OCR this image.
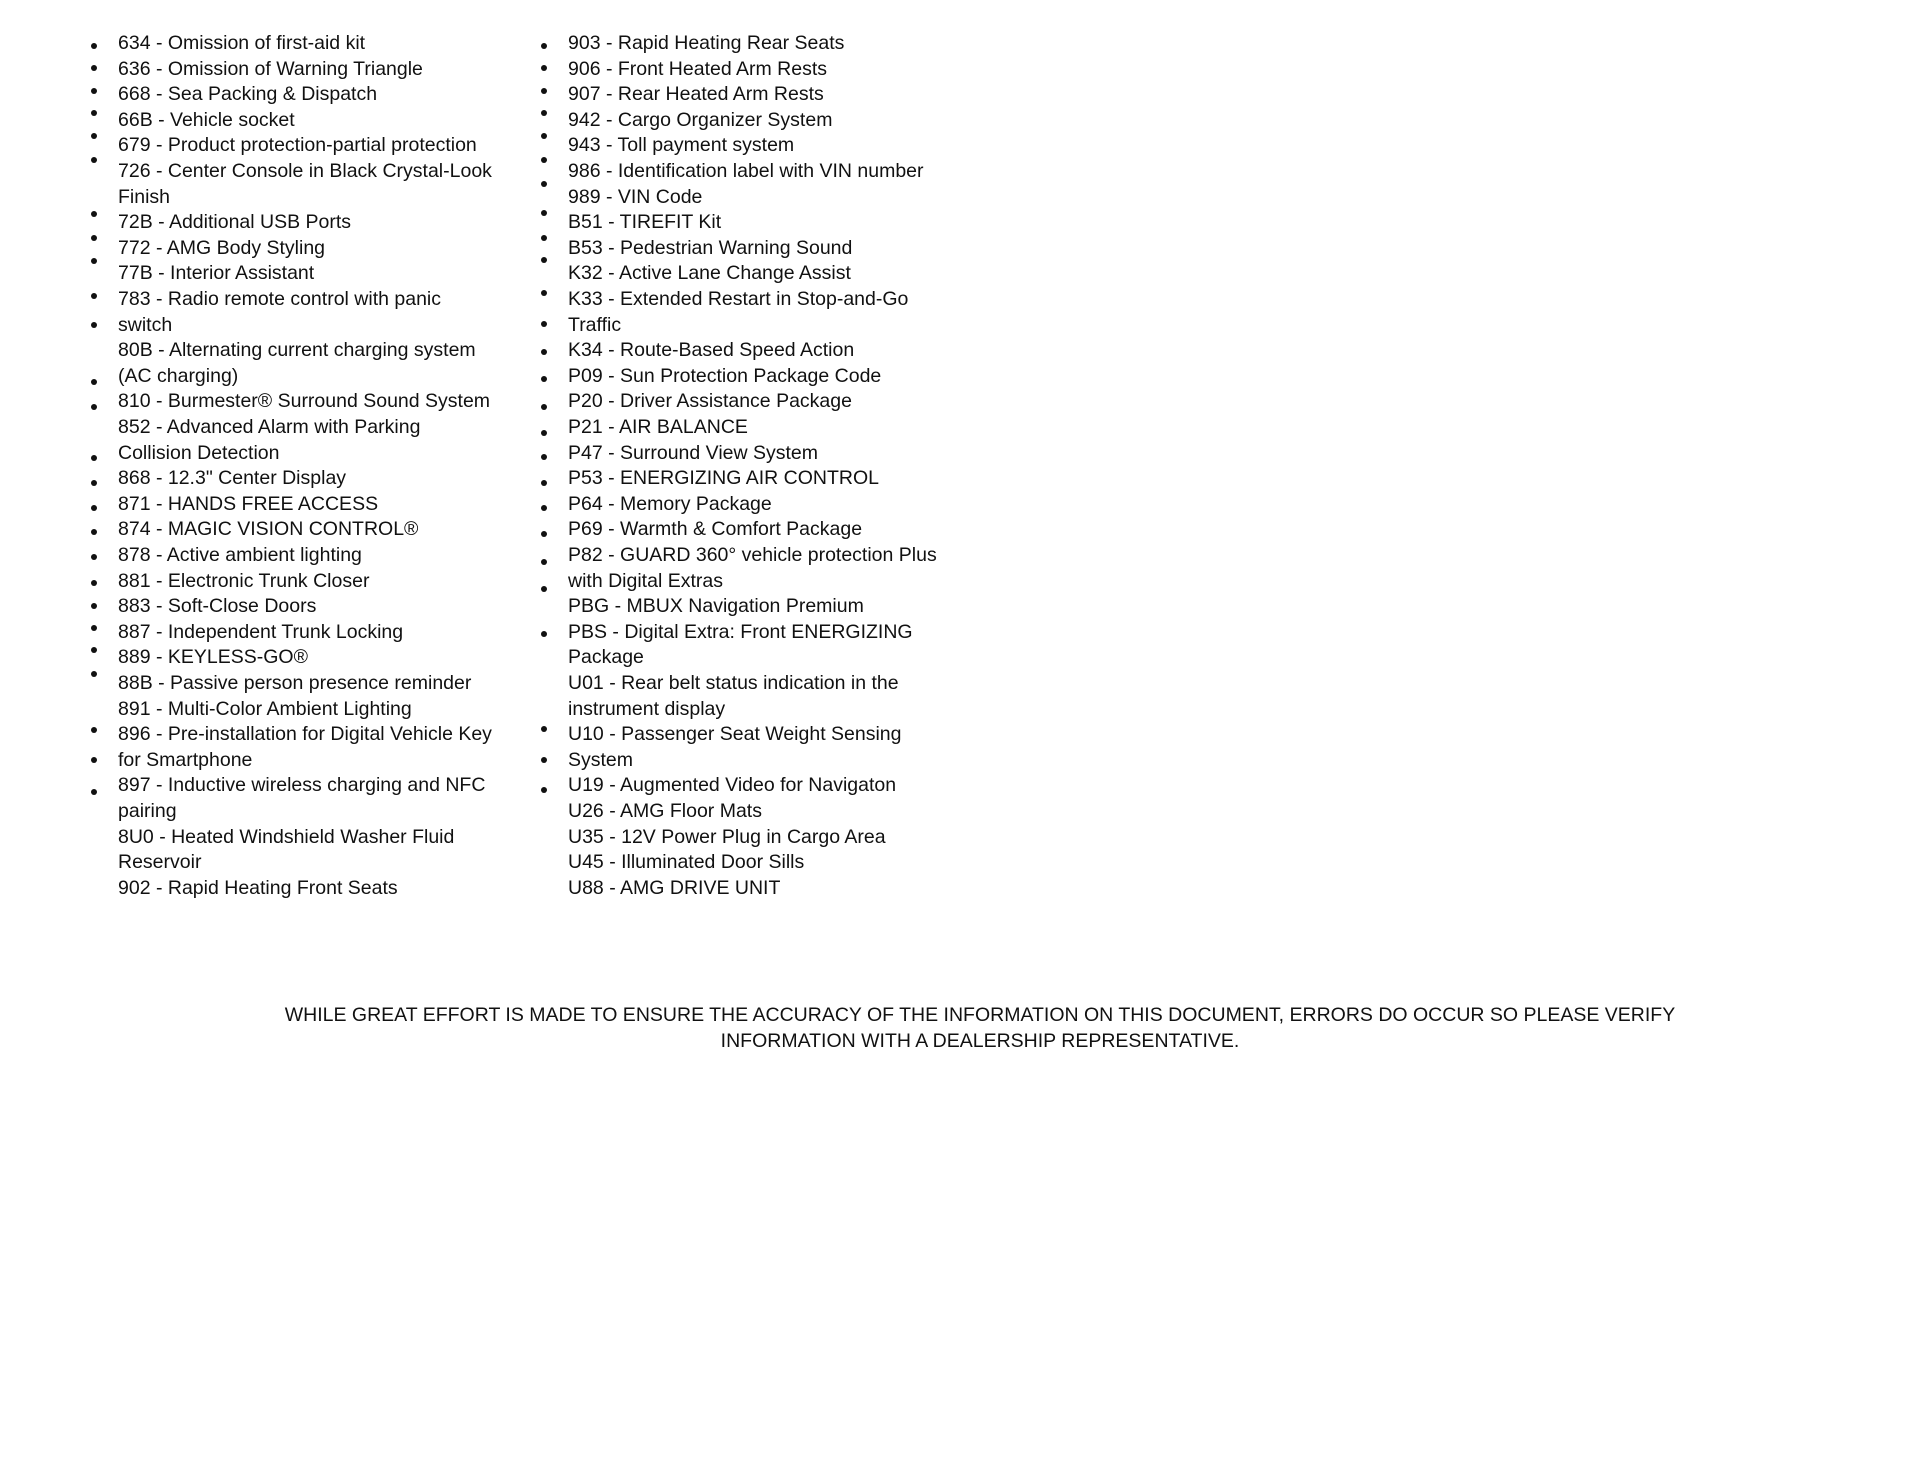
634 - Omission of first-aid kit
636 - Omission of Warning Triangle
668 - Sea Packing & Dispatch
66B - Vehicle socket
679 - Product protection-partial protection
726 - Center Console in Black Crystal-Look
Finish
72B - Additional USB Ports
772 - AMG Body Styling
77B - Interior Assistant
783 - Radio remote control with panic
switch
80B - Alternating current charging system
(AC charging)
810 - Burmester® Surround Sound System
852 - Advanced Alarm with Parking
Collision Detection
868 - 12.3" Center Display
871 - HANDS FREE ACCESS
874 - MAGIC VISION CONTROL®
878 - Active ambient lighting
881 - Electronic Trunk Closer
883 - Soft-Close Doors
887 - Independent Trunk Locking
889 - KEYLESS-GO®
88B - Passive person presence reminder
891 - Multi-Color Ambient Lighting
896 - Pre-installation for Digital Vehicle Key
for Smartphone
897 - Inductive wireless charging and NFC
pairing
8U0 - Heated Windshield Washer Fluid
Reservoir
902 - Rapid Heating Front Seats
903 - Rapid Heating Rear Seats
906 - Front Heated Arm Rests
907 - Rear Heated Arm Rests
942 - Cargo Organizer System
943 - Toll payment system
986 - Identification label with VIN number
989 - VIN Code
B51 - TIREFIT Kit
B53 - Pedestrian Warning Sound
K32 - Active Lane Change Assist
K33 - Extended Restart in Stop-and-Go
Traffic
K34 - Route-Based Speed Action
P09 - Sun Protection Package Code
P20 - Driver Assistance Package
P21 - AIR BALANCE
P47 - Surround View System
P53 - ENERGIZING AIR CONTROL
P64 - Memory Package
P69 - Warmth & Comfort Package
P82 - GUARD 360° vehicle protection Plus
with Digital Extras
PBG - MBUX Navigation Premium
PBS - Digital Extra: Front ENERGIZING
Package
U01 - Rear belt status indication in the
instrument display
U10 - Passenger Seat Weight Sensing
System
U19 - Augmented Video for Navigaton
U26 - AMG Floor Mats
U35 - 12V Power Plug in Cargo Area
U45 - Illuminated Door Sills
U88 - AMG DRIVE UNIT
WHILE GREAT EFFORT IS MADE TO ENSURE THE ACCURACY OF THE INFORMATION ON THIS DOCUMENT, ERRORS DO OCCUR SO PLEASE VERIFY
INFORMATION WITH A DEALERSHIP REPRESENTATIVE.
